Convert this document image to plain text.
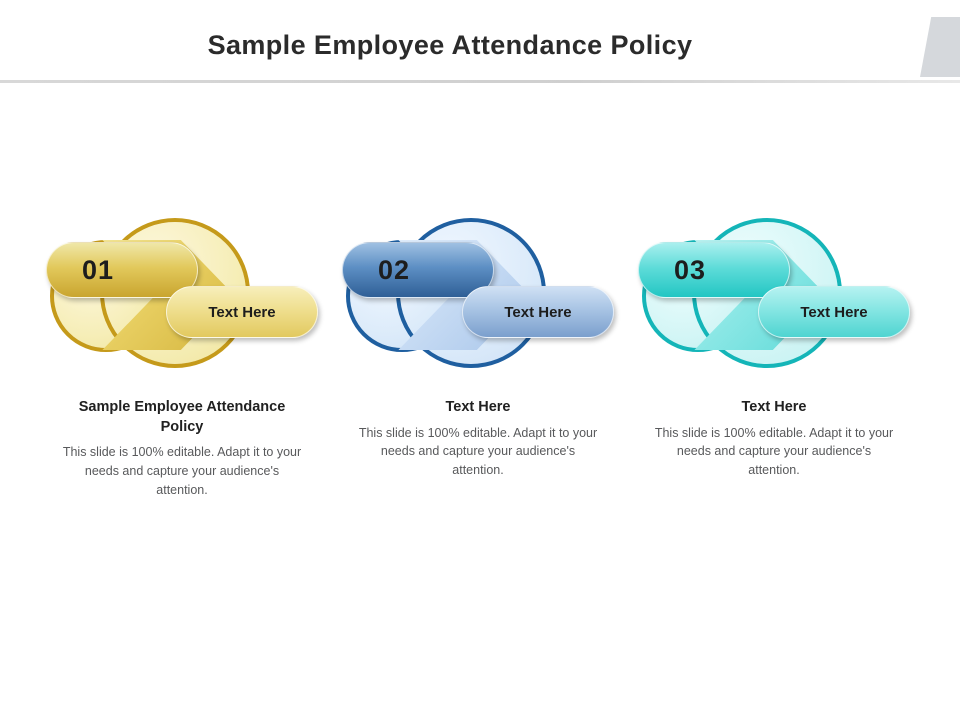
Sample Employee Attendance Policy
01
Text Here
Sample Employee Attendance Policy
This slide is 100% editable. Adapt it to your needs and capture your audience's attention.
02
Text Here
Text Here
This slide is 100% editable. Adapt it to your needs and capture your audience's attention.
03
Text Here
Text Here
This slide is 100% editable. Adapt it to your needs and capture your audience's attention.
